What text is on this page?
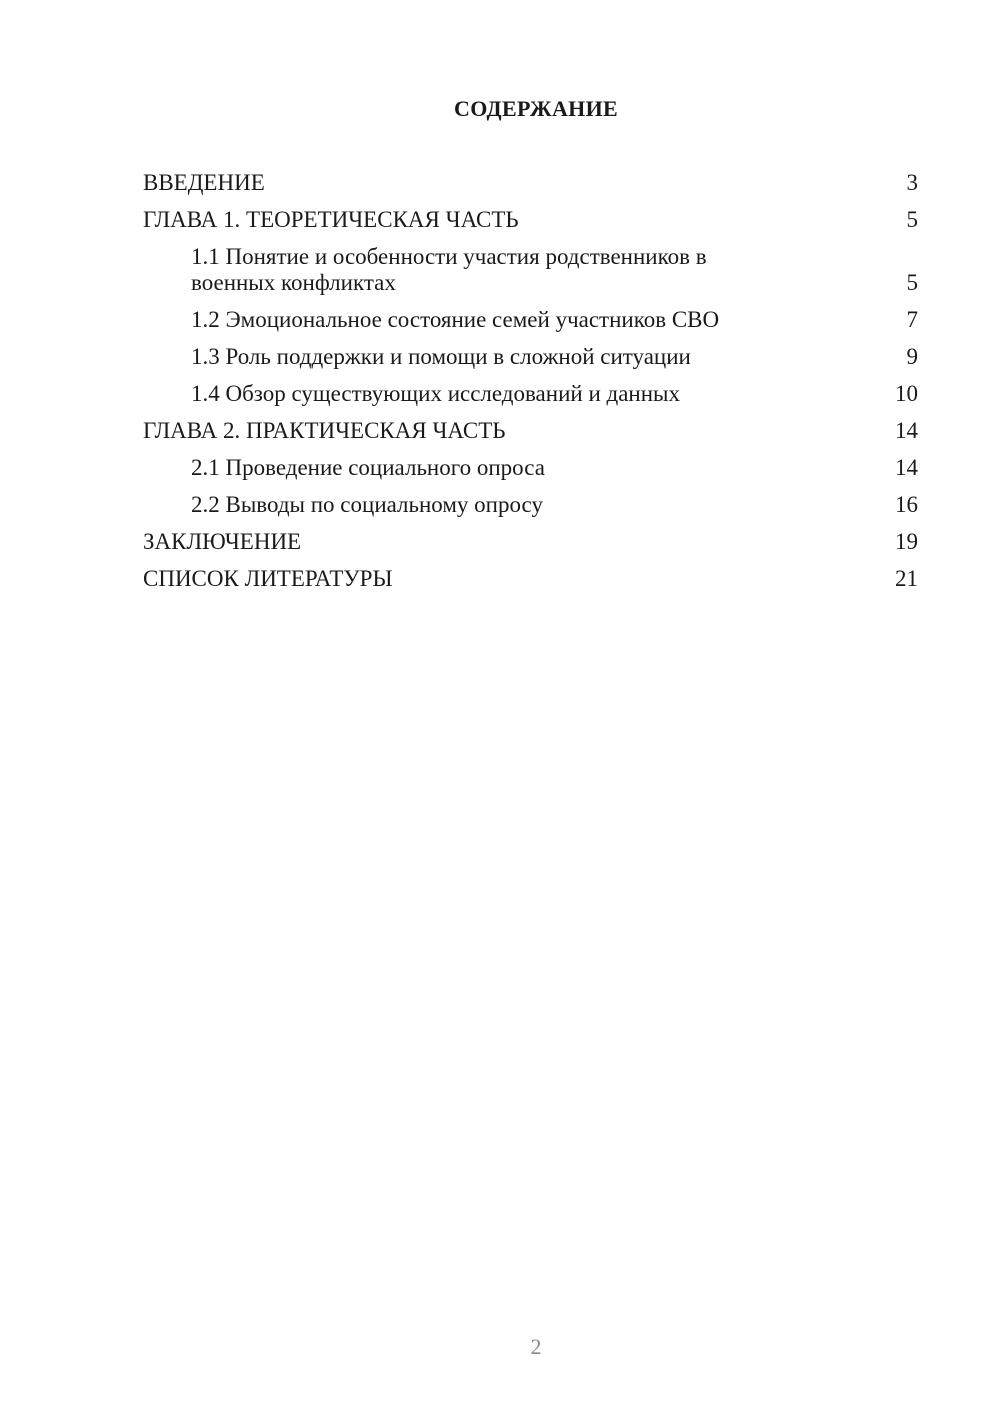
СОДЕРЖАНИЕ
ВВЕДЕНИЕ	3
ГЛАВА 1. ТЕОРЕТИЧЕСКАЯ ЧАСТЬ	5
1.1 Понятие и особенности участия родственников в военных конфликтах	5
1.2 Эмоциональное состояние семей участников СВО	7
1.3 Роль поддержки и помощи в сложной ситуации	9
1.4 Обзор существующих исследований и данных	10
ГЛАВА 2. ПРАКТИЧЕСКАЯ ЧАСТЬ	14
2.1 Проведение социального опроса	14
2.2 Выводы по социальному опросу	16
ЗАКЛЮЧЕНИЕ	19
СПИСОК ЛИТЕРАТУРЫ	21
2
